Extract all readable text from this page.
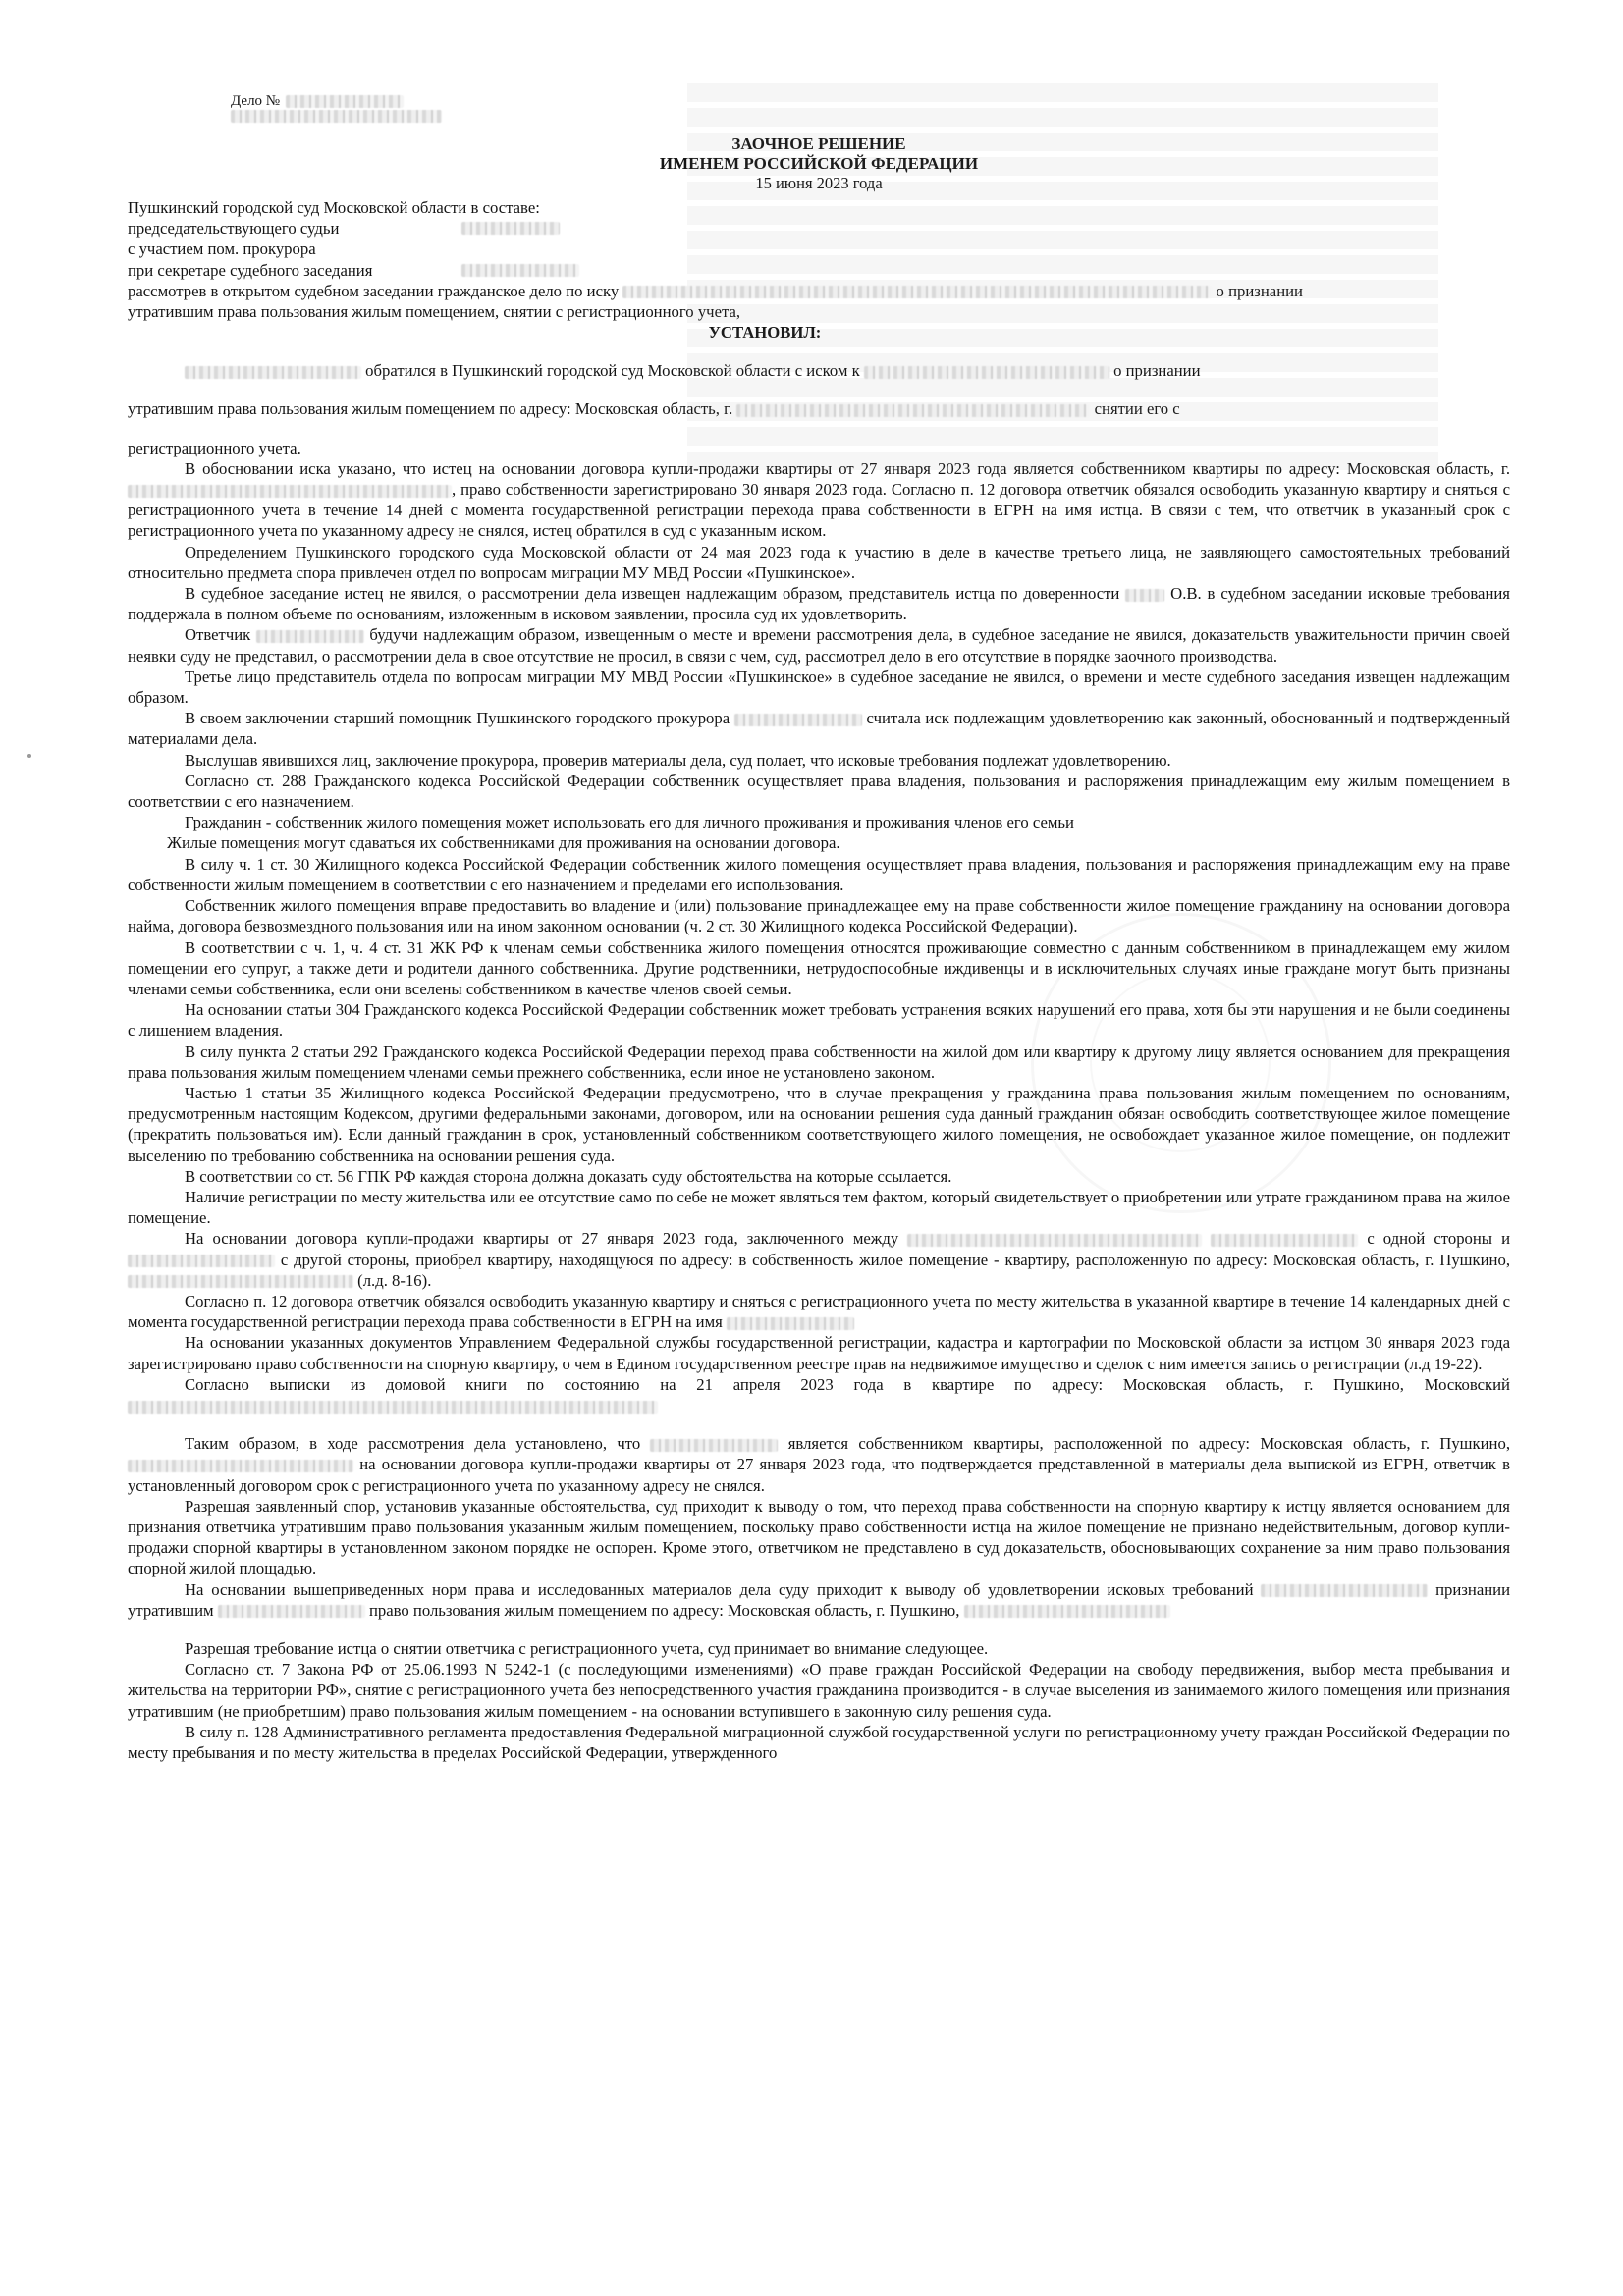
Дело №
ЗАОЧНОЕ РЕШЕНИЕ
ИМЕНЕМ РОССИЙСКОЙ ФЕДЕРАЦИИ
15 июня 2023 года
Пушкинский городской суд Московской области в составе:
председательствующего судьи
с участием пом. прокурора
при секретаре судебного заседания
рассмотрев в открытом судебном заседании гражданское дело по иску	о признании
утратившим права пользования жилым помещением, снятии с регистрационного учета,
УСТАНОВИЛ:

обратился в Пушкинский городской суд Московской области с иском к	о признании

утратившим права пользования жилым помещением по адресу: Московская область, г.	снятии его с

регистрационного учета.

В обосновании иска указано, что истец на основании договора купли-продажи квартиры от 27 января 2023 года является собственником квартиры по адресу: Московская область, г. , право собственности зарегистрировано 30 января 2023 года. Согласно п. 12 договора ответчик обязался освободить указанную квартиру и сняться с регистрационного учета в течение 14 дней с момента государственной регистрации перехода права собственности в ЕГРН на имя истца. В связи с тем, что ответчик в указанный срок с регистрационного учета по указанному адресу не снялся, истец обратился в суд с указанным иском.

Определением Пушкинского городского суда Московской области от 24 мая 2023 года к участию в деле в качестве третьего лица, не заявляющего самостоятельных требований относительно предмета спора привлечен отдел по вопросам миграции МУ МВД России «Пушкинское».

В судебное заседание истец не явился, о рассмотрении дела извещен надлежащим образом, представитель истца по доверенности	О.В. в судебном заседании исковые требования поддержала в полном объеме по основаниям, изложенным в исковом заявлении, просила суд их удовлетворить.

Ответчик	будучи надлежащим образом, извещенным о месте и времени рассмотрения дела, в судебное заседание не явился, доказательств уважительности причин своей неявки суду не представил, о рассмотрении дела в свое отсутствие не просил, в связи с чем, суд, рассмотрел дело в его отсутствие в порядке заочного производства.

Третье лицо представитель отдела по вопросам миграции МУ МВД России «Пушкинское» в судебное заседание не явился, о времени и месте судебного заседания извещен надлежащим образом.

В своем заключении старший помощник Пушкинского городского прокурора	считала иск подлежащим удовлетворению как законный, обоснованный и подтвержденный материалами дела.

Выслушав явившихся лиц, заключение прокурора, проверив материалы дела, суд полает, что исковые требования подлежат удовлетворению.

Согласно ст. 288 Гражданского кодекса Российской Федерации собственник осуществляет права владения, пользования и распоряжения принадлежащим ему жилым помещением в соответствии с его назначением.

Гражданин - собственник жилого помещения может использовать его для личного проживания и проживания членов его семьи

Жилые помещения могут сдаваться их собственниками для проживания на основании договора.

В силу ч. 1 ст. 30 Жилищного кодекса Российской Федерации собственник жилого помещения осуществляет права владения, пользования и распоряжения принадлежащим ему на праве собственности жилым помещением в соответствии с его назначением и пределами его использования.

Собственник жилого помещения вправе предоставить во владение и (или) пользование принадлежащее ему на праве собственности жилое помещение гражданину на основании договора найма, договора безвозмездного пользования или на ином законном основании (ч. 2 ст. 30 Жилищного кодекса Российской Федерации).

В соответствии с ч. 1, ч. 4 ст. 31 ЖК РФ к членам семьи собственника жилого помещения относятся проживающие совместно с данным собственником в принадлежащем ему жилом помещении его супруг, а также дети и родители данного собственника. Другие родственники, нетрудоспособные иждивенцы и в исключительных случаях иные граждане могут быть признаны членами семьи собственника, если они вселены собственником в качестве членов своей семьи.

На основании статьи 304 Гражданского кодекса Российской Федерации собственник может требовать устранения всяких нарушений его права, хотя бы эти нарушения и не были соединены с лишением владения.

В силу пункта 2 статьи 292 Гражданского кодекса Российской Федерации переход права собственности на жилой дом или квартиру к другому лицу является основанием для прекращения права пользования жилым помещением членами семьи прежнего собственника, если иное не установлено законом.

Частью 1 статьи 35 Жилищного кодекса Российской Федерации предусмотрено, что в случае прекращения у гражданина права пользования жилым помещением по основаниям, предусмотренным настоящим Кодексом, другими федеральными законами, договором, или на основании решения суда данный гражданин обязан освободить соответствующее жилое помещение (прекратить пользоваться им). Если данный гражданин в срок, установленный собственником соответствующего жилого помещения, не освобождает указанное жилое помещение, он подлежит выселению по требованию собственника на основании решения суда.

В соответствии со ст. 56 ГПК РФ каждая сторона должна доказать суду обстоятельства на которые ссылается.

Наличие регистрации по месту жительства или ее отсутствие само по себе не может являться тем фактом, который свидетельствует о приобретении или утрате гражданином права на жилое помещение.

На основании договора купли-продажи квартиры от 27 января 2023 года, заключенного между	с одной стороны и  с другой стороны, приобрел квартиру, находящуюся по адресу: в собственность жилое помещение - квартиру, расположенную по адресу: Московская область, г. Пушкино,  (л.д. 8-16).

Согласно п. 12 договора ответчик обязался освободить указанную квартиру и сняться с регистрационного учета по месту жительства в указанной квартире в течение 14 календарных дней с момента государственной регистрации перехода права собственности в ЕГРН на имя

На основании указанных документов Управлением Федеральной службы государственной регистрации, кадастра и картографии по Московской области за истцом 30 января 2023 года зарегистрировано право собственности на спорную квартиру, о чем в Едином государственном реестре прав на недвижимое имущество и сделок с ним имеется запись о регистрации (л.д 19-22).

Согласно выписки из домовой книги по состоянию на 21 апреля 2023 года в квартире по адресу: Московская область, г. Пушкино, Московский

Таким образом, в ходе рассмотрения дела установлено, что	является собственником квартиры, расположенной по адресу: Московская область, г. Пушкино,  на основании договора купли-продажи квартиры от 27 января 2023 года, что подтверждается представленной в материалы дела выпиской из ЕГРН, ответчик в установленный договором срок с регистрационного учета по указанному адресу не снялся.

Разрешая заявленный спор, установив указанные обстоятельства, суд приходит к выводу о том, что переход права собственности на спорную квартиру к истцу является основанием для признания ответчика утратившим право пользования указанным жилым помещением, поскольку право собственности истца на жилое помещение не признано недействительным, договор купли-продажи спорной квартиры в установленном законом порядке не оспорен. Кроме этого, ответчиком не представлено в суд доказательств, обосновывающих сохранение за ним право пользования спорной жилой площадью.

На основании вышеприведенных норм права и исследованных материалов дела суду приходит к выводу об удовлетворении исковых требований	признании утратившим	право пользования жилым помещением по адресу: Московская область, г. Пушкино,

Разрешая требование истца о снятии ответчика с регистрационного учета, суд принимает во внимание следующее.

Согласно ст. 7 Закона РФ от 25.06.1993 N 5242-1 (с последующими изменениями) «О праве граждан Российской Федерации на свободу передвижения, выбор места пребывания и жительства на территории РФ», снятие с регистрационного учета без непосредственного участия гражданина производится - в случае выселения из занимаемого жилого помещения или признания утратившим (не приобретшим) право пользования жилым помещением - на основании вступившего в законную силу решения суда.

В силу п. 128 Административного регламента предоставления Федеральной миграционной службой государственной услуги по регистрационному учету граждан Российской Федерации по месту пребывания и по месту жительства в пределах Российской Федерации, утвержденного
